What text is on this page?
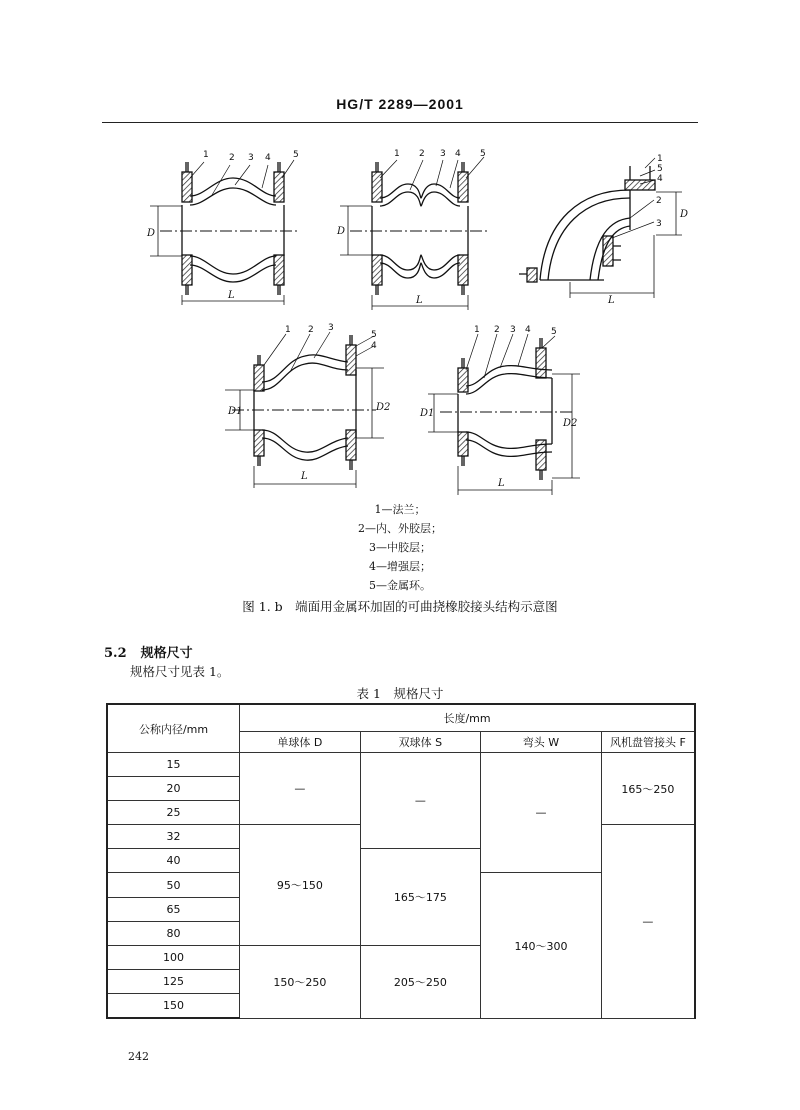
HG/T 2289—2001
1 2 3 4 5
D
L
1 2 3 4 5
D
L
1
5
4
2
3
D
L
1 2 3
5
4
D1	D2
L
1 2 3 4 5
D1
D2
L
1—法兰；
2—内、外胶层；
3—中胶层；
4—增强层；
5—金属环。
图 1. b　端面用金属环加固的可曲挠橡胶接头结构示意图
5.2 规格尺寸
规格尺寸见表 1。
表 1　规格尺寸
公称内径/mm	长度/mm			
	单球体 D	双球体 S	弯头 W	风机盘管接头 F
15	—	—	—	165～250
20				
25				
32	95～150			—
40		165～175		
50			140～300	
65				
80				
100	150～250	205～250		
125				
150				
242
